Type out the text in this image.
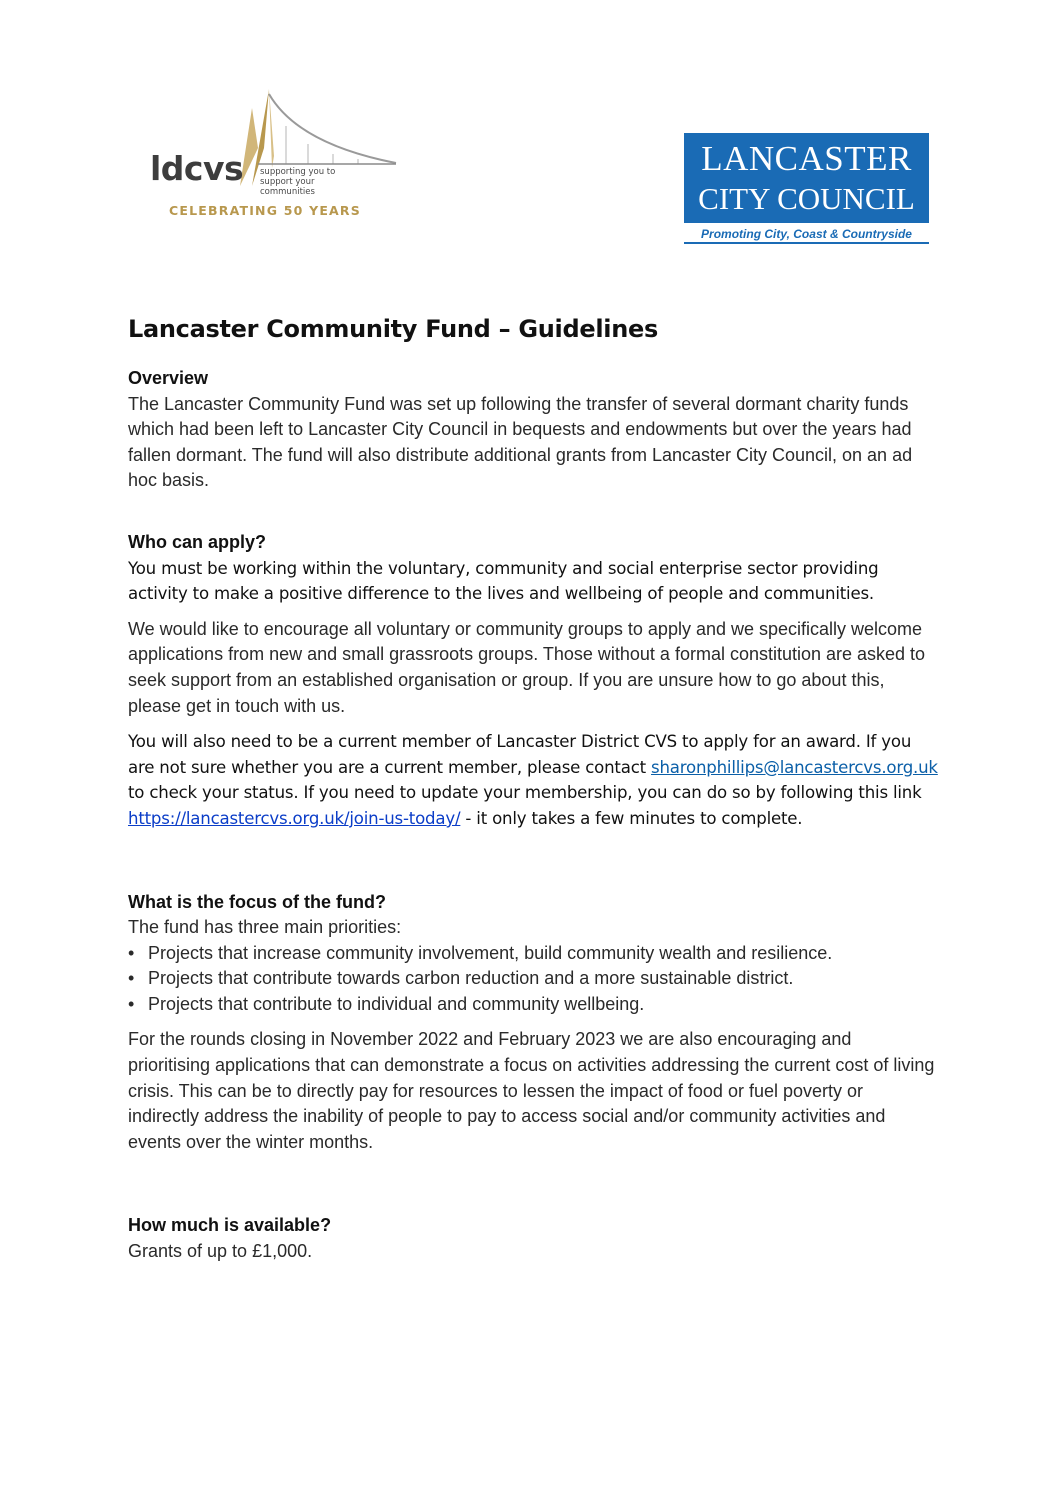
ldcvs supporting you to support your communities
CELEBRATING 50 YEARS
LANCASTER
CITY COUNCIL
Promoting City, Coast & Countryside
Lancaster Community Fund – Guidelines

Overview

The Lancaster Community Fund was set up following the transfer of several dormant charity funds which had been left to Lancaster City Council in bequests and endowments but over the years had fallen dormant. The fund will also distribute additional grants from Lancaster City Council, on an ad hoc basis.

Who can apply?

You must be working within the voluntary, community and social enterprise sector providing activity to make a positive difference to the lives and wellbeing of people and communities.

We would like to encourage all voluntary or community groups to apply and we specifically welcome applications from new and small grassroots groups. Those without a formal constitution are asked to seek support from an established organisation or group. If you are unsure how to go about this, please get in touch with us.

You will also need to be a current member of Lancaster District CVS to apply for an award. If you are not sure whether you are a current member, please contact sharonphillips@lancastercvs.org.uk to check your status. If you need to update your membership, you can do so by following this link https://lancastercvs.org.uk/join-us-today/ - it only takes a few minutes to complete.

What is the focus of the fund?

The fund has three main priorities:

• Projects that increase community involvement, build community wealth and resilience.
• Projects that contribute towards carbon reduction and a more sustainable district.
• Projects that contribute to individual and community wellbeing.

For the rounds closing in November 2022 and February 2023 we are also encouraging and prioritising applications that can demonstrate a focus on activities addressing the current cost of living crisis. This can be to directly pay for resources to lessen the impact of food or fuel poverty or indirectly address the inability of people to pay to access social and/or community activities and events over the winter months.

How much is available?

Grants of up to £1,000.
